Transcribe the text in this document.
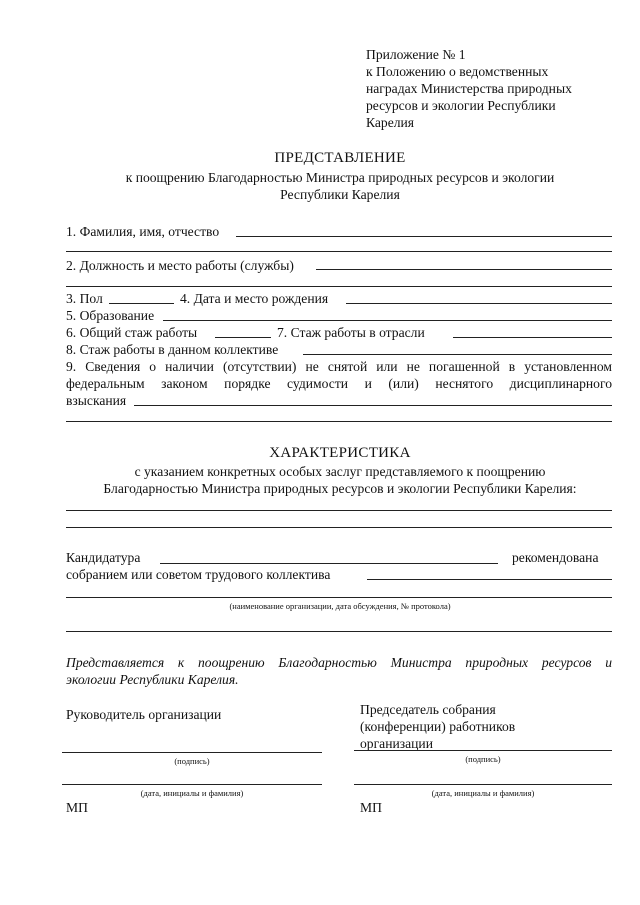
Приложение № 1
к Положению о ведомственных
наградах Министерства природных
ресурсов и экологии Республики
Карелия
ПРЕДСТАВЛЕНИЕ
к поощрению Благодарностью Министра природных ресурсов и экологии
Республики Карелия
1. Фамилия, имя, отчество
2. Должность и место работы (службы)
3. Пол	4. Дата и место рождения
5. Образование
6. Общий стаж работы	7. Стаж работы в отрасли
8. Стаж работы в данном коллективе
9. Сведения о наличии (отсутствии) не снятой или не погашенной в установленном
федеральным законом порядке судимости и (или) неснятого дисциплинарного
взыскания
ХАРАКТЕРИСТИКА
с указанием конкретных особых заслуг представляемого к поощрению
Благодарностью Министра природных ресурсов и экологии Республики Карелия:
Кандидатура	рекомендована
собранием или советом трудового коллектива
(наименование организации, дата обсуждения, № протокола)
Представляется к поощрению Благодарностью Министра природных ресурсов и
экологии Республики Карелия.
Руководитель организации
(подпись)
(дата, инициалы и фамилия)
МП
Председатель собрания
(конференции) работников
организации
(подпись)
(дата, инициалы и фамилия)
МП
